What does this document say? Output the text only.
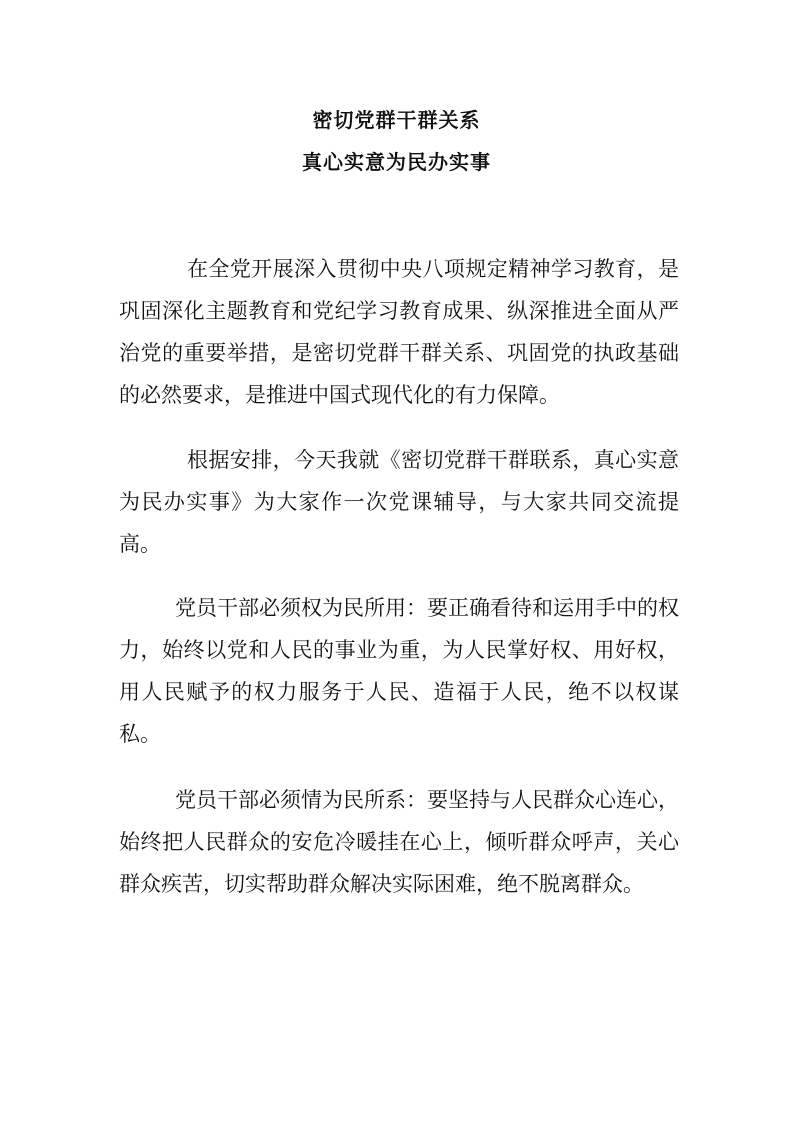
密切党群干群关系
真心实意为民办实事

在全党开展深入贯彻中央八项规定精神学习教育，是巩固深化主题教育和党纪学习教育成果、纵深推进全面从严治党的重要举措，是密切党群干群关系、巩固党的执政基础的必然要求，是推进中国式现代化的有力保障。

根据安排，今天我就《密切党群干群联系，真心实意为民办实事》为大家作一次党课辅导，与大家共同交流提高。

党员干部必须权为民所用：要正确看待和运用手中的权力，始终以党和人民的事业为重，为人民掌好权、用好权，用人民赋予的权力服务于人民、造福于人民，绝不以权谋私。

党员干部必须情为民所系：要坚持与人民群众心连心，始终把人民群众的安危冷暖挂在心上，倾听群众呼声，关心群众疾苦，切实帮助群众解决实际困难，绝不脱离群众。
